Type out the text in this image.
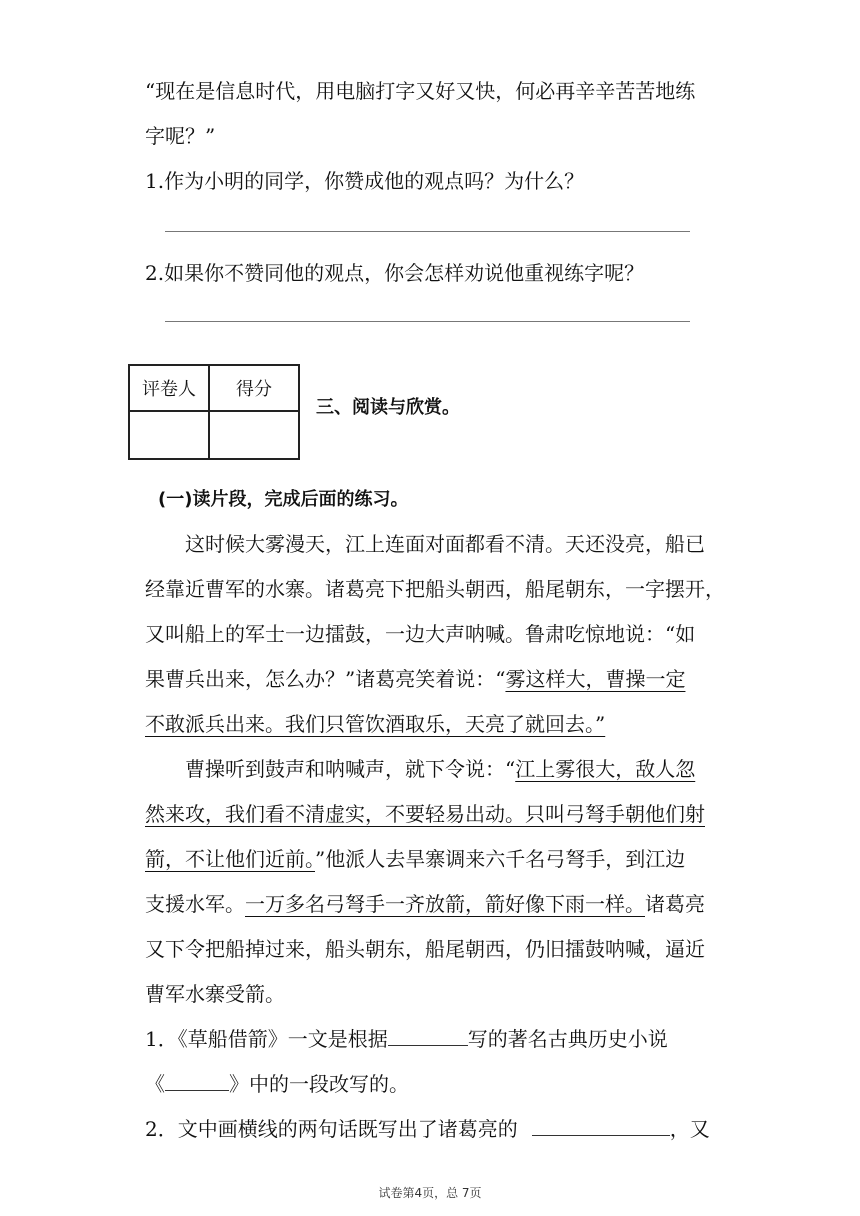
“现在是信息时代，用电脑打字又好又快，何必再辛辛苦苦地练
字呢？”
1.作为小明的同学，你赞成他的观点吗？为什么？
2.如果你不赞同他的观点，你会怎样劝说他重视练字呢？
评卷人	得分
三、阅读与欣赏。
(一)读片段，完成后面的练习。
这时候大雾漫天，江上连面对面都看不清。天还没亮，船已
经靠近曹军的水寨。诸葛亮下把船头朝西，船尾朝东，一字摆开，
又叫船上的军士一边擂鼓，一边大声呐喊。鲁肃吃惊地说：“如
果曹兵出来，怎么办？”诸葛亮笑着说：“雾这样大，曹操一定
不敢派兵出来。我们只管饮酒取乐，天亮了就回去。”
曹操听到鼓声和呐喊声，就下令说：“江上雾很大，敌人忽
然来攻，我们看不清虚实，不要轻易出动。只叫弓弩手朝他们射
箭，不让他们近前。”他派人去旱寨调来六千名弓弩手，到江边
支援水军。一万多名弓弩手一齐放箭，箭好像下雨一样。诸葛亮
又下令把船掉过来，船头朝东，船尾朝西，仍旧擂鼓呐喊，逼近
曹军水寨受箭。
1．《草船借箭》一文是根据	写的著名古典历史小说
《	》中的一段改写的。
2．文中画横线的两句话既写出了诸葛亮的	，又
试卷第4页，总 7页
